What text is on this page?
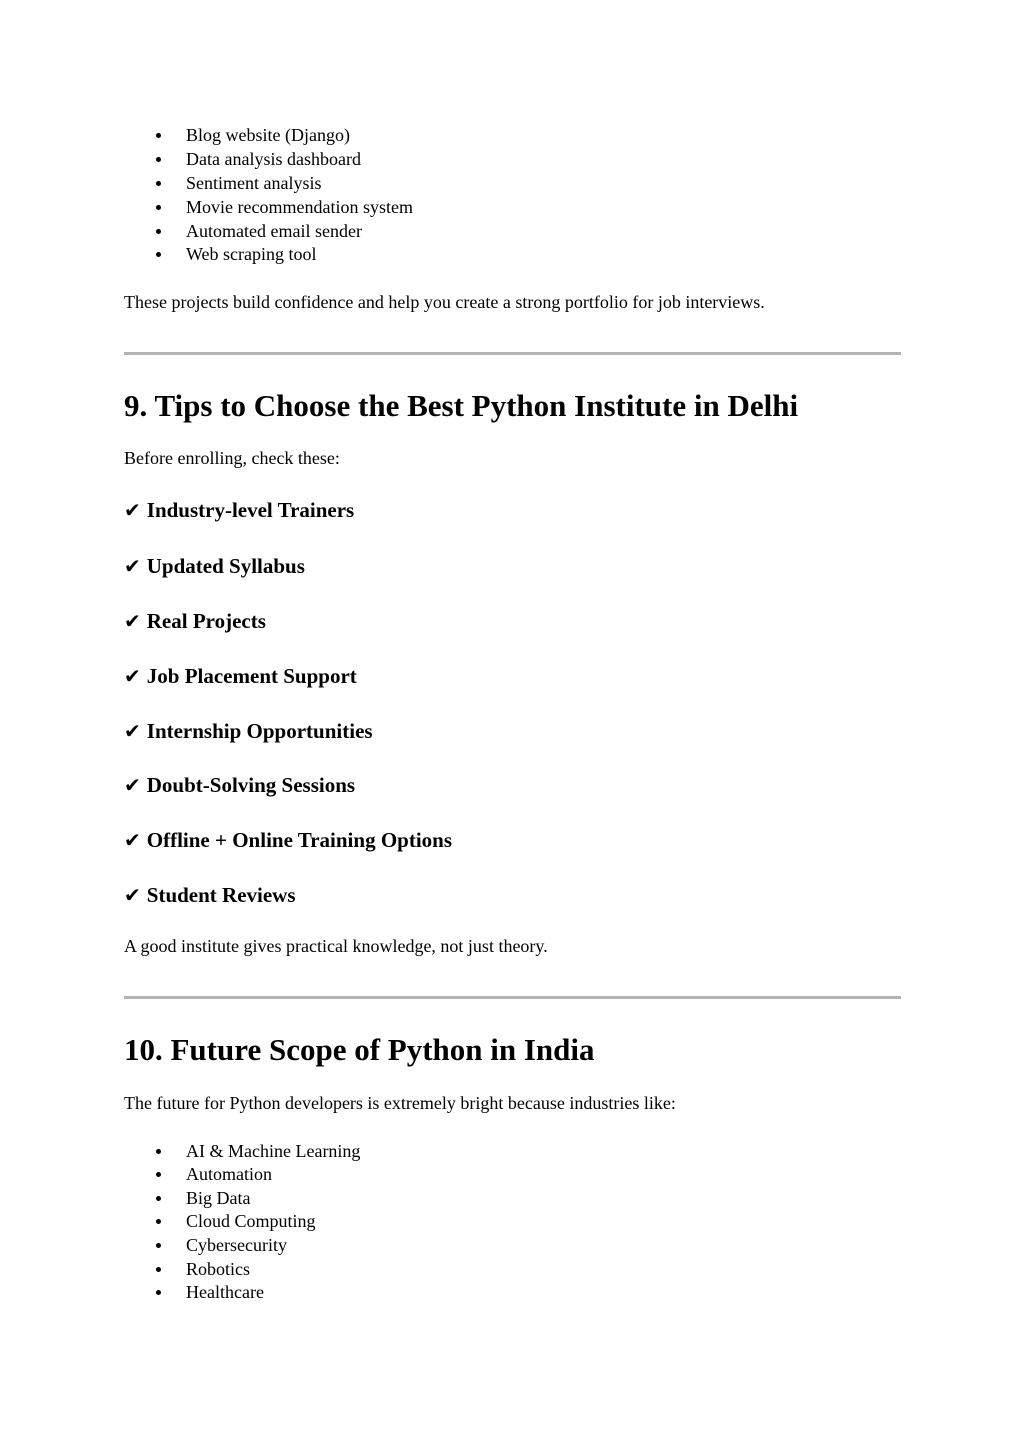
Blog website (Django)
Data analysis dashboard
Sentiment analysis
Movie recommendation system
Automated email sender
Web scraping tool
These projects build confidence and help you create a strong portfolio for job interviews.
9. Tips to Choose the Best Python Institute in Delhi
Before enrolling, check these:
✔ Industry-level Trainers
✔ Updated Syllabus
✔ Real Projects
✔ Job Placement Support
✔ Internship Opportunities
✔ Doubt-Solving Sessions
✔ Offline + Online Training Options
✔ Student Reviews
A good institute gives practical knowledge, not just theory.
10. Future Scope of Python in India
The future for Python developers is extremely bright because industries like:
AI & Machine Learning
Automation
Big Data
Cloud Computing
Cybersecurity
Robotics
Healthcare
